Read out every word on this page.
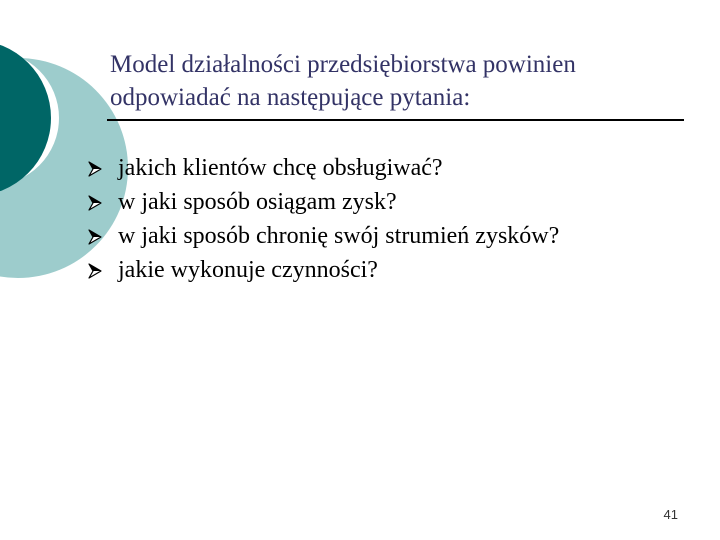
Model działalności przedsiębiorstwa powinien
odpowiadać na następujące pytania:
jakich klientów chcę obsługiwać?
w jaki sposób osiągam zysk?
w jaki sposób chronię swój strumień zysków?
jakie wykonuje czynności?
41
